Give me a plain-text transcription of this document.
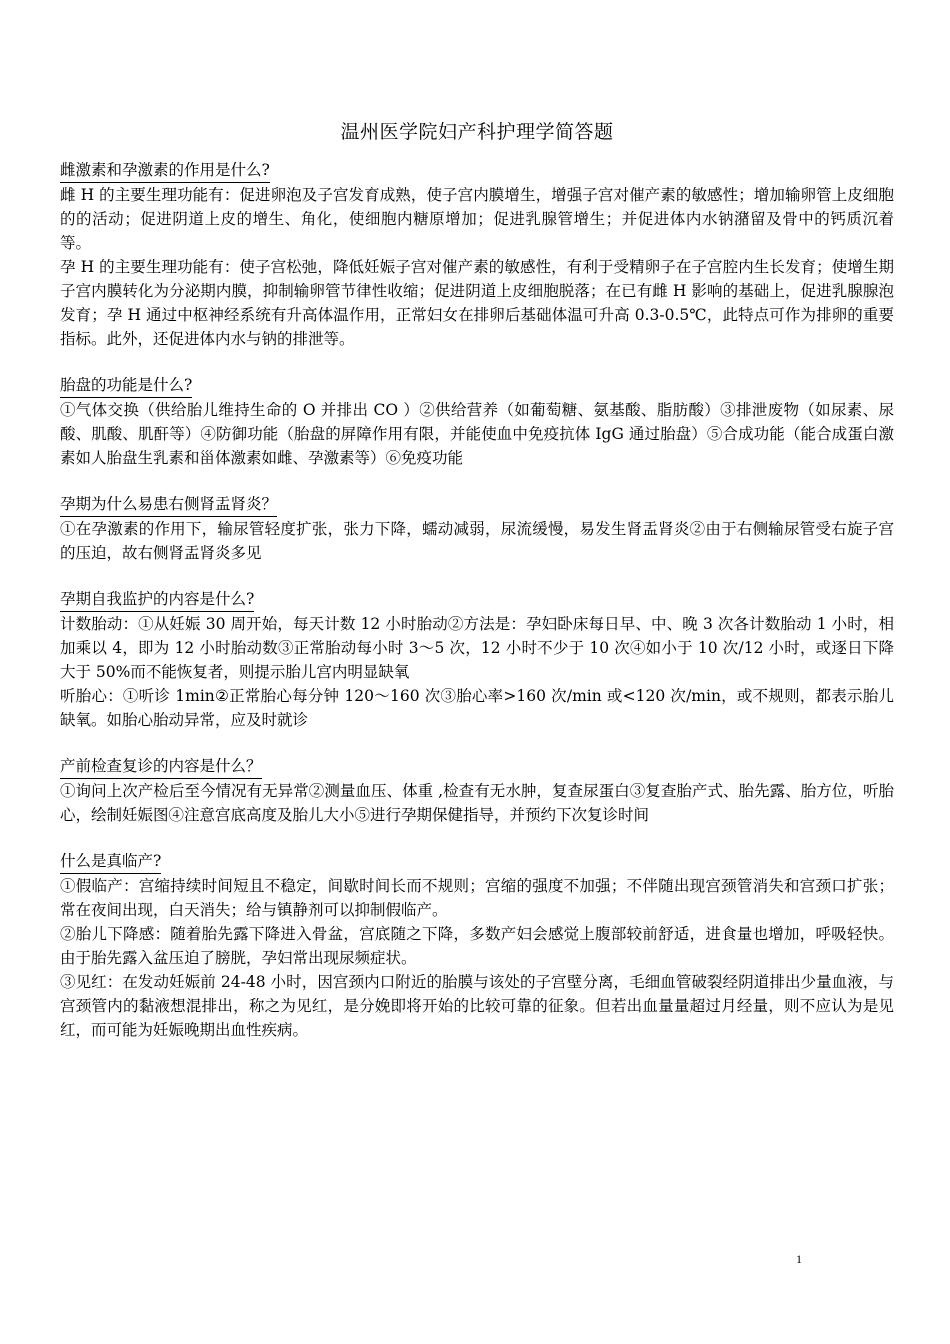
温州医学院妇产科护理学简答题

雌激素和孕激素的作用是什么?

雌 H 的主要生理功能有：促进卵泡及子宫发育成熟，使子宫内膜增生，增强子宫对催产素的敏感性；增加输卵管上皮细胞的的活动；促进阴道上皮的增生、角化，使细胞内糖原增加；促进乳腺管增生；并促进体内水钠潴留及骨中的钙质沉着等。

孕 H 的主要生理功能有：使子宫松弛，降低妊娠子宫对催产素的敏感性，有利于受精卵子在子宫腔内生长发育；使增生期子宫内膜转化为分泌期内膜，抑制输卵管节律性收缩；促进阴道上皮细胞脱落；在已有雌 H 影响的基础上，促进乳腺腺泡发育；孕 H 通过中枢神经系统有升高体温作用，正常妇女在排卵后基础体温可升高 0.3-0.5℃，此特点可作为排卵的重要指标。此外，还促进体内水与钠的排泄等。

胎盘的功能是什么?

①气体交换（供给胎儿维持生命的 O 并排出 CO ）②供给营养（如葡萄糖、氨基酸、脂肪酸）③排泄废物（如尿素、尿酸、肌酸、肌酐等）④防御功能（胎盘的屏障作用有限，并能使血中免疫抗体 IgG 通过胎盘）⑤合成功能（能合成蛋白激素如人胎盘生乳素和甾体激素如雌、孕激素等）⑥免疫功能

孕期为什么易患右侧肾盂肾炎？

①在孕激素的作用下，输尿管轻度扩张，张力下降，蠕动减弱，尿流缓慢，易发生肾盂肾炎②由于右侧输尿管受右旋子宫的压迫，故右侧肾盂肾炎多见

孕期自我监护的内容是什么?

计数胎动：①从妊娠 30 周开始，每天计数 12 小时胎动②方法是：孕妇卧床每日早、中、晚 3 次各计数胎动 1 小时，相加乘以 4，即为 12 小时胎动数③正常胎动每小时 3～5 次，12 小时不少于 10 次④如小于 10 次/12 小时，或逐日下降大于 50%而不能恢复者，则提示胎儿宫内明显缺氧

听胎心：①听诊 1min②正常胎心每分钟 120～160 次③胎心率>160 次/min 或<120 次/min，或不规则，都表示胎儿缺氧。如胎心胎动异常，应及时就诊

产前检查复诊的内容是什么？

①询问上次产检后至今情况有无异常②测量血压、体重 ,检查有无水肿，复查尿蛋白③复查胎产式、胎先露、胎方位，听胎心，绘制妊娠图④注意宫底高度及胎儿大小⑤进行孕期保健指导，并预约下次复诊时间

什么是真临产?

①假临产：宫缩持续时间短且不稳定，间歇时间长而不规则；宫缩的强度不加强；不伴随出现宫颈管消失和宫颈口扩张；常在夜间出现，白天消失；给与镇静剂可以抑制假临产。

②胎儿下降感：随着胎先露下降进入骨盆，宫底随之下降，多数产妇会感觉上腹部较前舒适，进食量也增加，呼吸轻快。由于胎先露入盆压迫了膀胱，孕妇常出现尿频症状。

③见红：在发动妊娠前 24-48 小时，因宫颈内口附近的胎膜与该处的子宫壁分离，毛细血管破裂经阴道排出少量血液，与宫颈管内的黏液想混排出，称之为见红，是分娩即将开始的比较可靠的征象。但若出血量量超过月经量，则不应认为是见红，而可能为妊娠晚期出血性疾病。

1
